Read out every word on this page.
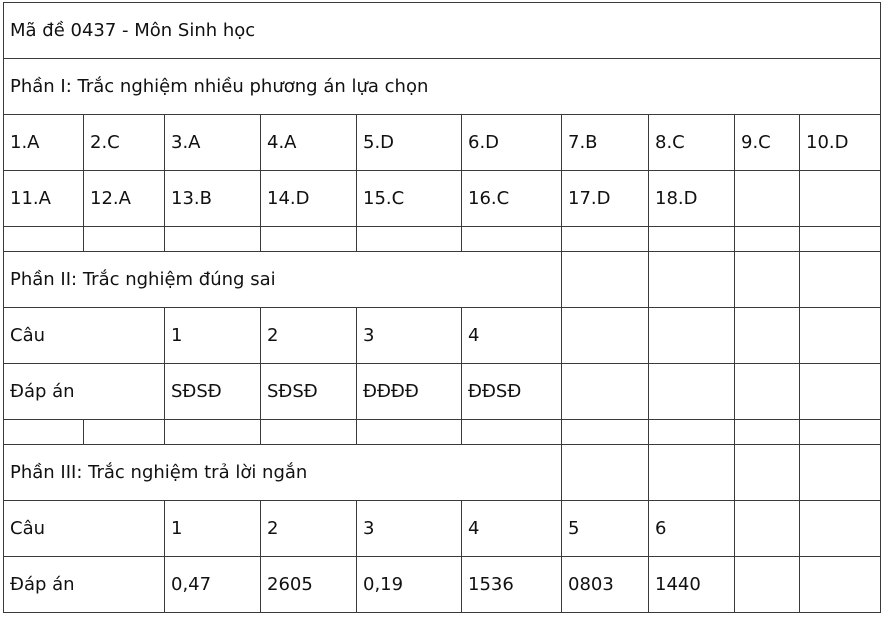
Mã đề 0437 - Môn Sinh học									
Phần I: Trắc nghiệm nhiều phương án lựa chọn									
1.A	2.C	3.A	4.A	5.D	6.D	7.B	8.C	9.C	10.D
11.A	12.A	13.B	14.D	15.C	16.C	17.D	18.D		

Phần II: Trắc nghiệm đúng sai									
Câu		1	2	3	4				
Đáp án		SĐSĐ	SĐSĐ	ĐĐĐĐ	ĐĐSĐ				

Phần III: Trắc nghiệm trả lời ngắn									
Câu		1	2	3	4	5	6		
Đáp án		0,47	2605	0,19	1536	0803	1440		
